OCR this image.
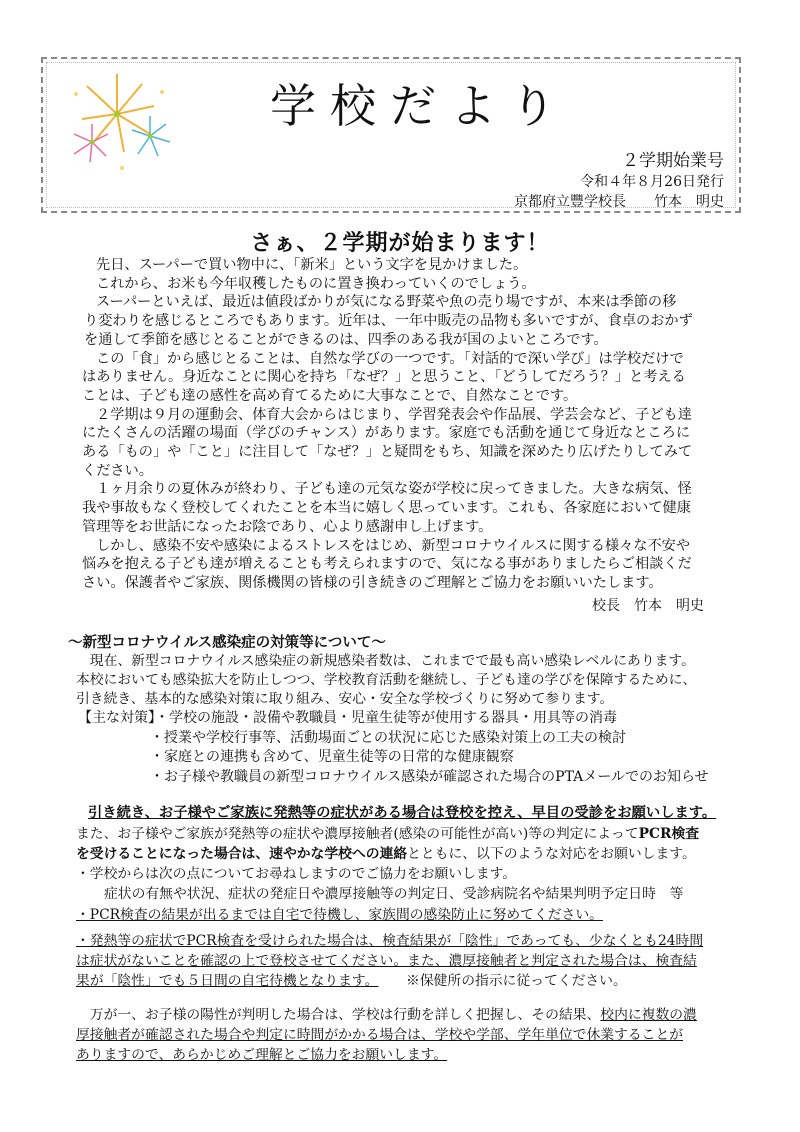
学校だより
２学期始業号
令和４年８月26日発行
京都府立豐学校長   竹本　明史
さぁ、２学期が始まります！

先日、スーパーで買い物中に、「新米」という文字を見かけました。

これから、お米も今年収穫したものに置き換わっていくのでしょう。

スーパーといえば、最近は値段ばかりが気になる野菜や魚の売り場ですが、本来は季節の移

り変わりを感じるところでもあります。近年は、一年中販売の品物も多いですが、食卓のおかず

を通して季節を感じとることができるのは、四季のある我が国のよいところです。

この「食」から感じとることは、自然な学びの一つです。「対話的で深い学び」は学校だけで

はありません。身近なことに関心を持ち「なぜ？」と思うこと、「どうしてだろう？」と考える

ことは、子ども達の感性を高め育てるために大事なことで、自然なことです。

２学期は９月の運動会、体育大会からはじまり、学習発表会や作品展、学芸会など、子ども達

にたくさんの活躍の場面（学びのチャンス）があります。家庭でも活動を通じて身近なところに

ある「もの」や「こと」に注目して「なぜ？」と疑問をもち、知識を深めたり広げたりしてみて

ください。

１ヶ月余りの夏休みが終わり、子ども達の元気な姿が学校に戻ってきました。大きな病気、怪

我や事故もなく登校してくれたことを本当に嬉しく思っています。これも、各家庭において健康

管理等をお世話になったお陰であり、心より感謝申し上げます。

しかし、感染不安や感染によるストレスをはじめ、新型コロナウイルスに関する様々な不安や

悩みを抱える子ども達が増えることも考えられますので、気になる事がありましたらご相談くだ

さい。保護者やご家族、関係機関の皆様の引き続きのご理解とご協力をお願いいたします。

校長　竹本　明史
～新型コロナウイルス感染症の対策等について～

現在、新型コロナウイルス感染症の新規感染者数は、これまでで最も高い感染レベルにあります。

本校においても感染拡大を防止しつつ、学校教育活動を継続し、子ども達の学びを保障するために、

引き続き、基本的な感染対策に取り組み、安心・安全な学校づくりに努めて参ります。

【主な対策】・学校の施設・設備や教職員・児童生徒等が使用する器具・用具等の消毒
・授業や学校行事等、活動場面ごとの状況に応じた感染対策上の工夫の検討
・家庭との連携も含めて、児童生徒等の日常的な健康観察
・お子様や教職員の新型コロナウイルス感染が確認された場合のPTAメールでのお知らせ
引き続き、お子様やご家族に発熱等の症状がある場合は登校を控え、早目の受診をお願いします。

また、お子様やご家族が発熱等の症状や濃厚接触者(感染の可能性が高い)等の判定によってPCR検査

を受けることになった場合は、速やかな学校への連絡とともに、以下のような対応をお願いします。

・学校からは次の点についてお尋ねしますのでご協力をお願いします。

症状の有無や状況、症状の発症日や濃厚接触等の判定日、受診病院名や結果判明予定日時　等

・PCR検査の結果が出るまでは自宅で待機し、家族間の感染防止に努めてください。

・発熱等の症状でPCR検査を受けられた場合は、検査結果が「陰性」であっても、少なくとも24時間

は症状がないことを確認の上で登校させてください。また、濃厚接触者と判定された場合は、検査結

果が「陰性」でも５日間の自宅待機となります。   ※保健所の指示に従ってください。

万が一、お子様の陽性が判明した場合は、学校は行動を詳しく把握し、その結果、校内に複数の濃

厚接触者が確認された場合や判定に時間がかかる場合は、学校や学部、学年単位で休業することが

ありますので、あらかじめご理解とご協力をお願いします。
